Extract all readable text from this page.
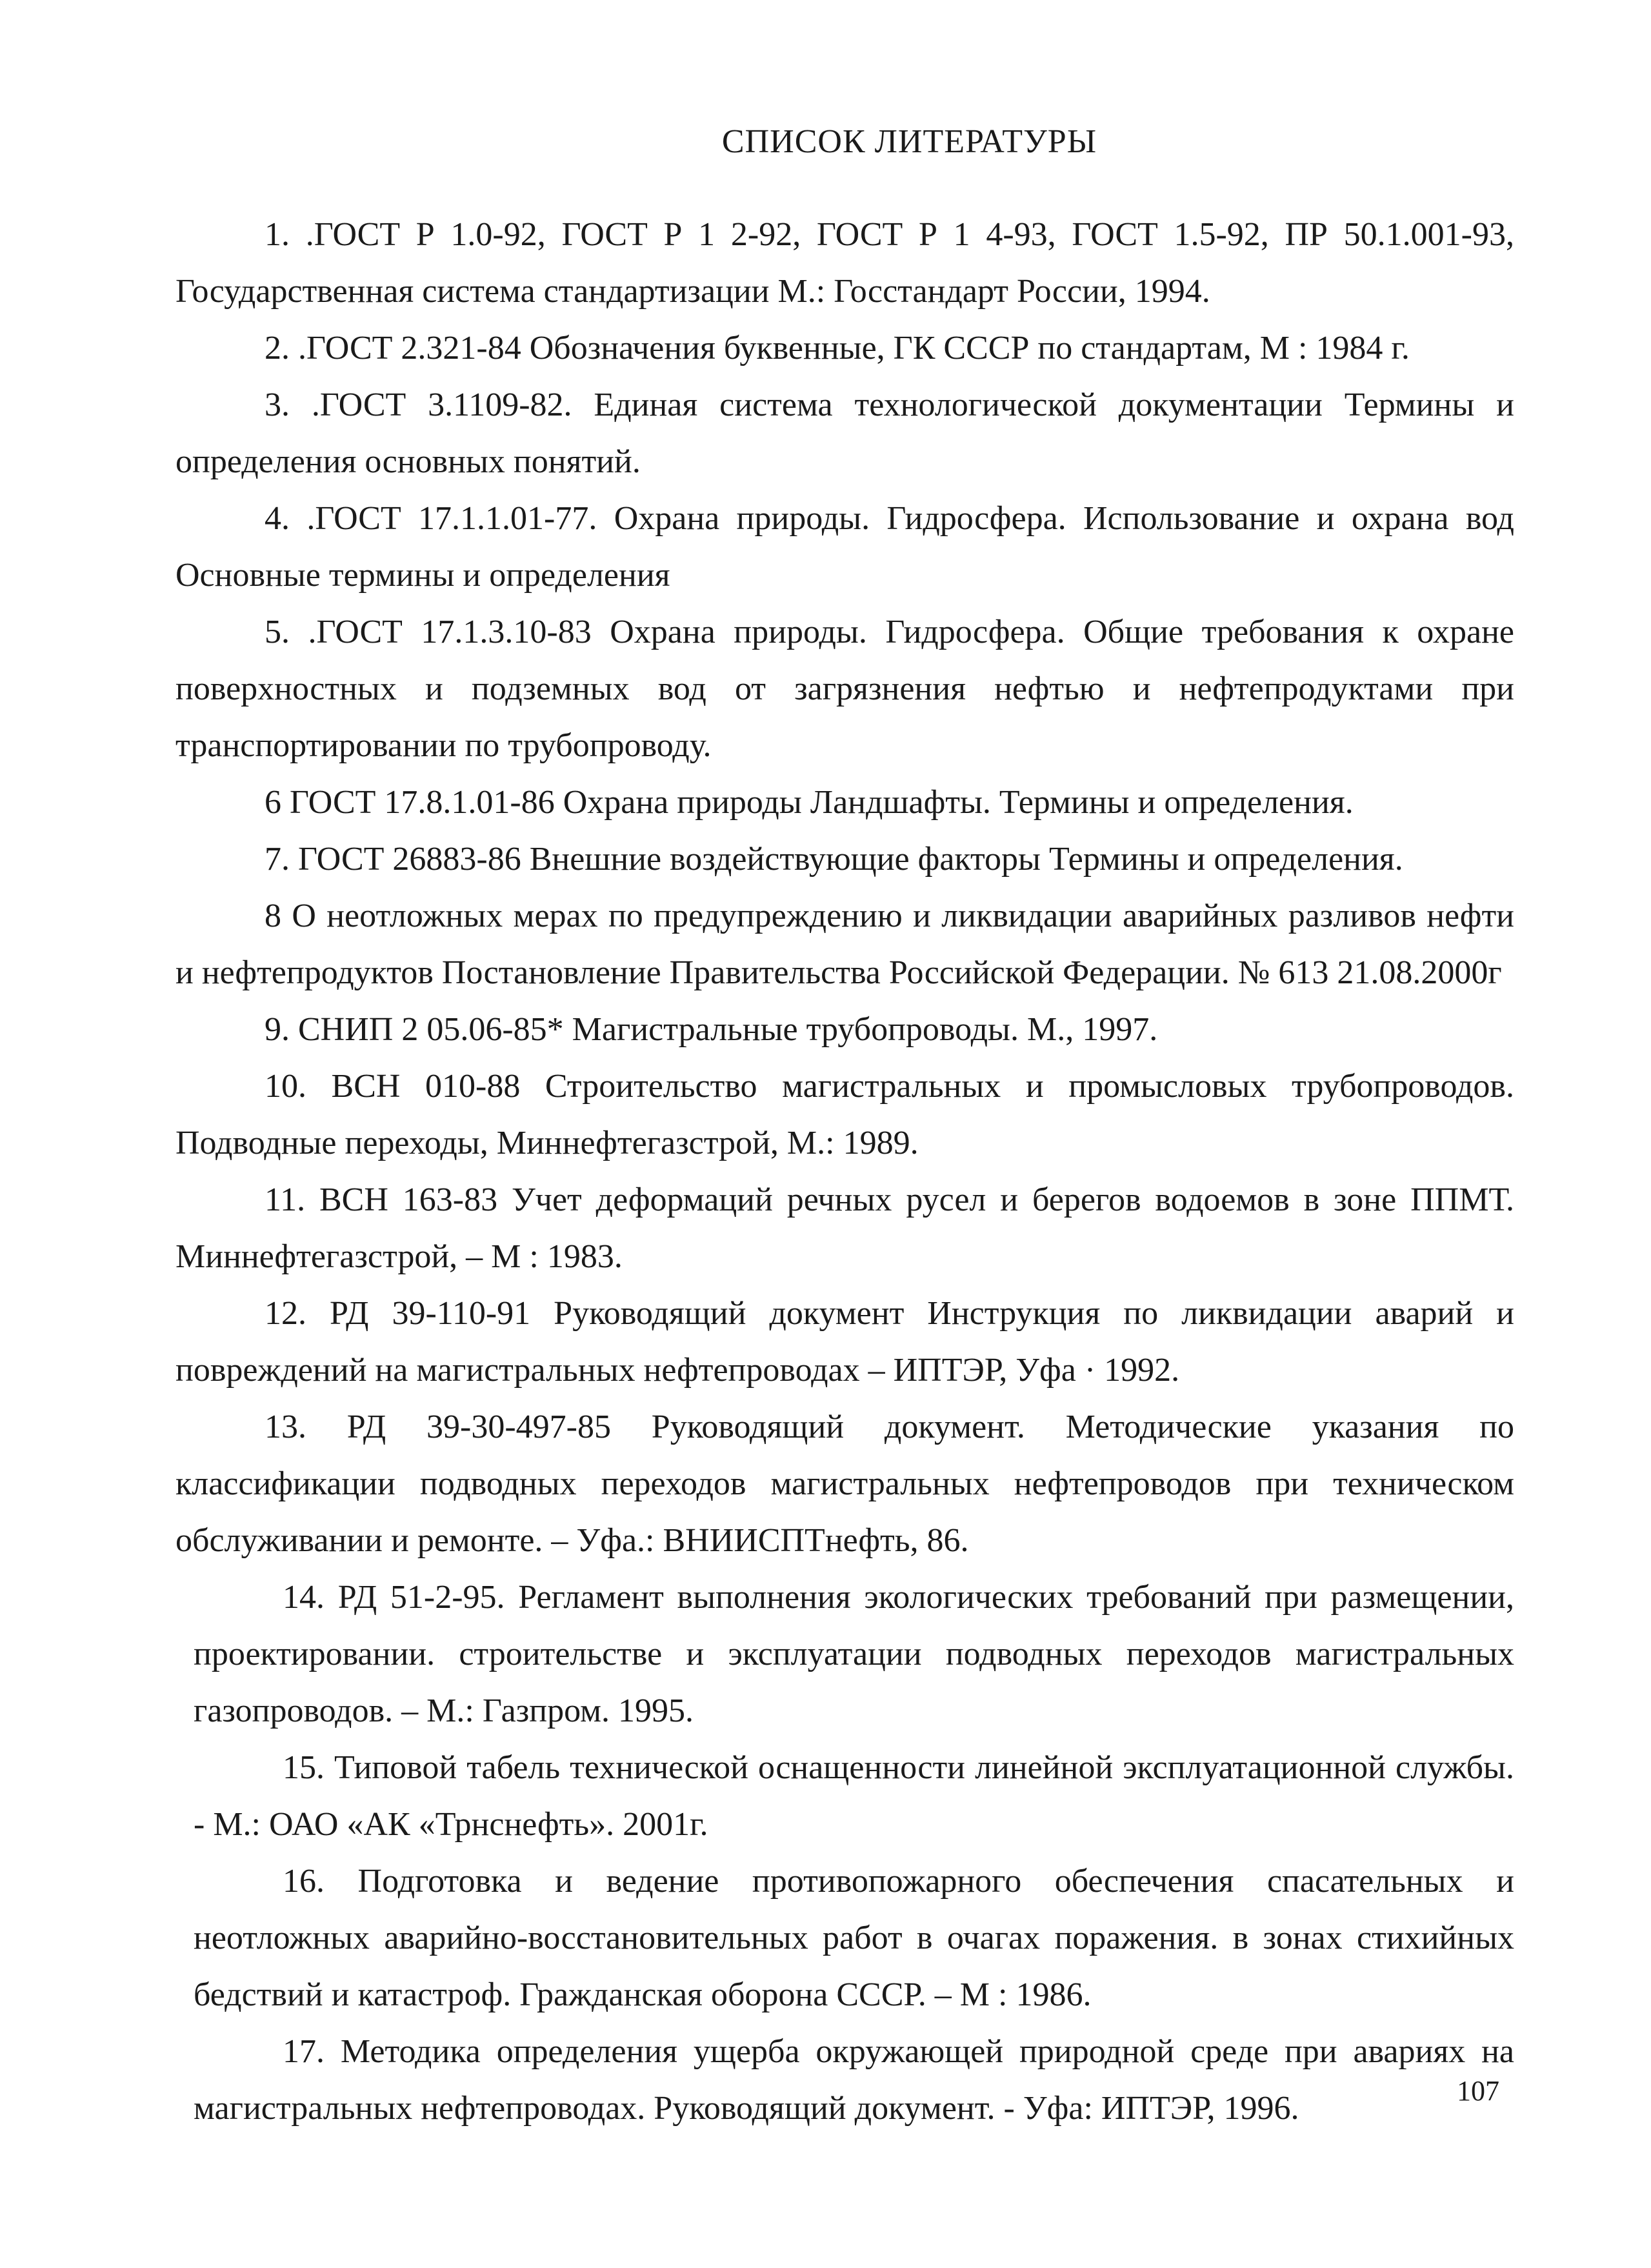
СПИСОК ЛИТЕРАТУРЫ

1. .ГОСТ Р 1.0-92, ГОСТ Р 1 2-92, ГОСТ Р 1 4-93, ГОСТ 1.5-92, ПР 50.1.001-93, Государственная система стандартизации М.: Госстандарт России, 1994.

2. .ГОСТ 2.321-84 Обозначения буквенные, ГК СССР по стандартам, М : 1984 г.

3. .ГОСТ 3.1109-82. Единая система технологической документации Термины и определения основных понятий.

4. .ГОСТ 17.1.1.01-77. Охрана природы. Гидросфера. Использование и охрана вод Основные термины и определения

5. .ГОСТ 17.1.3.10-83 Охрана природы. Гидросфера. Общие требования к охране поверхностных и подземных вод от загрязнения нефтью и нефтепродуктами при транспортировании по трубопроводу.

6 ГОСТ 17.8.1.01-86 Охрана природы Ландшафты. Термины и определения.

7. ГОСТ 26883-86 Внешние воздействующие факторы Термины и определения.

8 О неотложных мерах по предупреждению и ликвидации аварийных разливов нефти и нефтепродуктов Постановление Правительства Российской Федерации. № 613 21.08.2000г

9. СНИП 2 05.06-85* Магистральные трубопроводы. М., 1997.

10. ВСН 010-88 Строительство магистральных и промысловых трубопроводов. Подводные переходы, Миннефтегазстрой, М.: 1989.

11. ВСН 163-83 Учет деформаций речных русел и берегов водоемов в зоне ППМТ. Миннефтегазстрой, – М : 1983.

12. РД 39-110-91 Руководящий документ Инструкция по ликвидации аварий и повреждений на магистральных нефтепроводах – ИПТЭР, Уфа · 1992.

13. РД 39-30-497-85 Руководящий документ. Методические указания по классификации подводных переходов магистральных нефтепроводов при техническом обслуживании и ремонте. – Уфа.: ВНИИСПТнефть, 86.

14. РД 51-2-95. Регламент выполнения экологических требований при размещении, проектировании. строительстве и эксплуатации подводных переходов магистральных газопроводов. – М.: Газпром. 1995.

15. Типовой табель технической оснащенности линейной эксплуатационной службы. - М.: ОАО «АК «Трнснефть». 2001г.

16. Подготовка и ведение противопожарного обеспечения спасательных и неотложных аварийно-восстановительных работ в очагах поражения. в зонах стихийных бедствий и катастроф. Гражданская оборона СССР. – М : 1986.

17. Методика определения ущерба окружающей природной среде при авариях на магистральных нефтепроводах. Руководящий документ. - Уфа: ИПТЭР, 1996.	107
